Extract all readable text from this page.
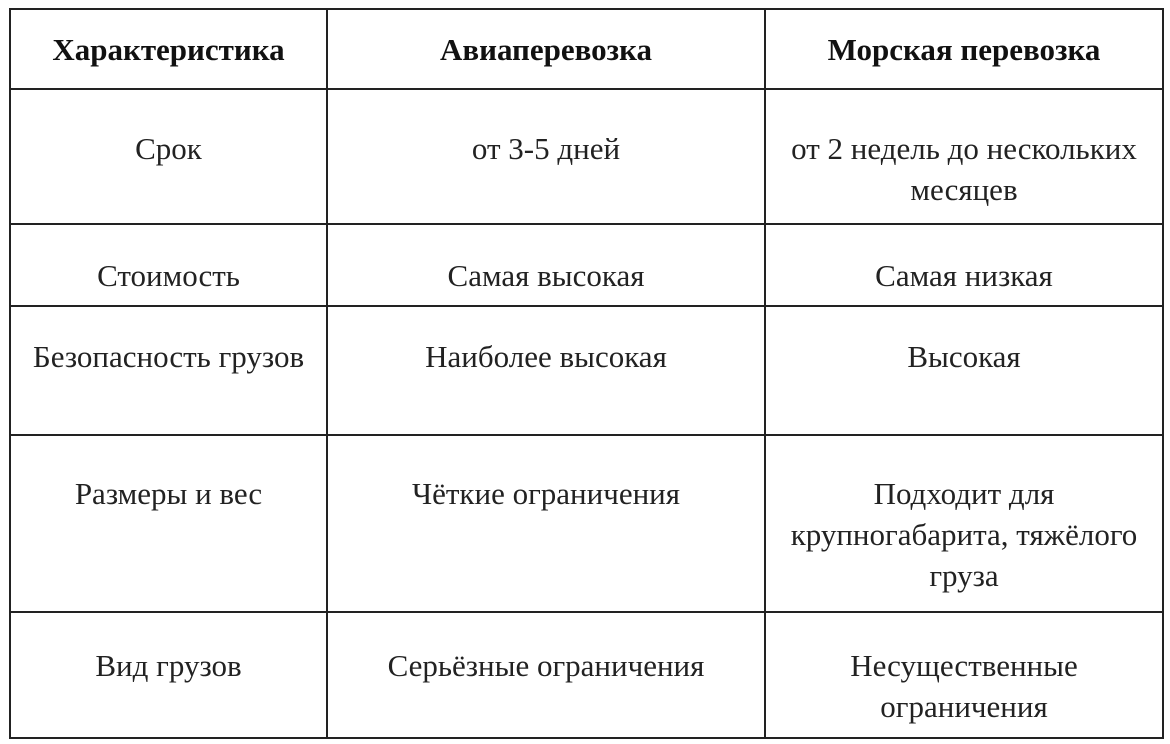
Характеристика	Авиаперевозка	Морская перевозка

Срок	от 3-5 дней	от 2 недель до нескольких месяцев

Стоимость	Самая высокая	Самая низкая

Безопасность грузов	Наиболее высокая	Высокая

Размеры и вес	Чёткие ограничения	Подходит для крупногабарита, тяжёлого груза

Вид грузов	Серьёзные ограничения	Несущественные ограничения
